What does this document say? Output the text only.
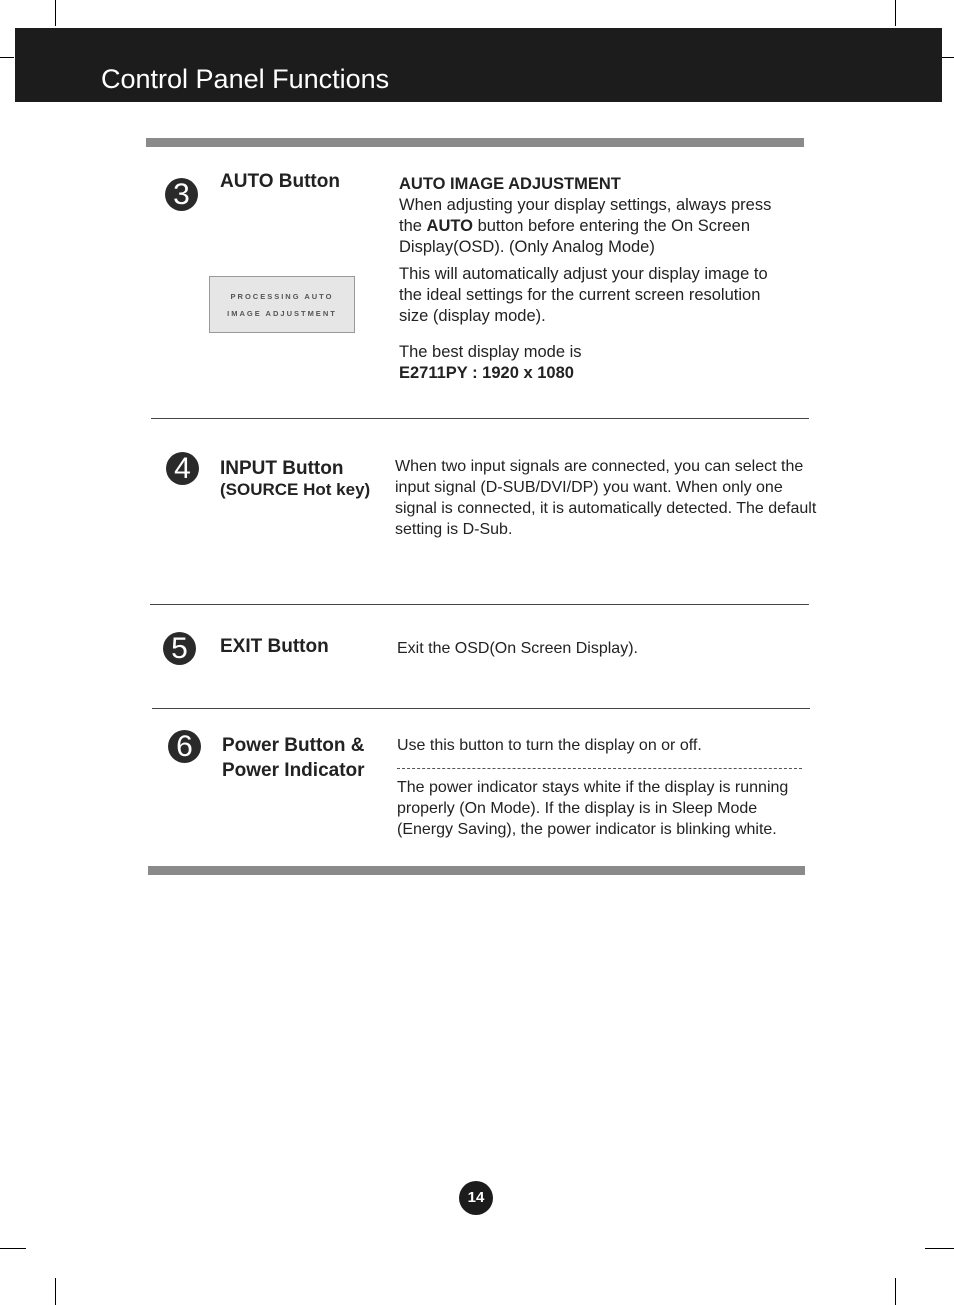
Control Panel Functions
3	AUTO Button
PROCESSING AUTO
IMAGE ADJUSTMENT
AUTO IMAGE ADJUSTMENT
When adjusting your display settings, always press
the AUTO button before entering the On Screen
Display(OSD). (Only Analog Mode)
This will automatically adjust your display image to
the ideal settings for the current screen resolution
size (display mode).
The best display mode is
E2711PY : 1920 x 1080
4	INPUT Button
(SOURCE Hot key)
When two input signals are connected, you can select the
input signal (D-SUB/DVI/DP) you want. When only one
signal is connected, it is automatically detected. The default
setting is D-Sub.
5	EXIT Button	Exit the OSD(On Screen Display).
6	Power Button &
Power Indicator
Use this button to turn the display on or off.
The power indicator stays white if the display is running
properly (On Mode). If the display is in Sleep Mode
(Energy Saving), the power indicator is blinking white.
14
